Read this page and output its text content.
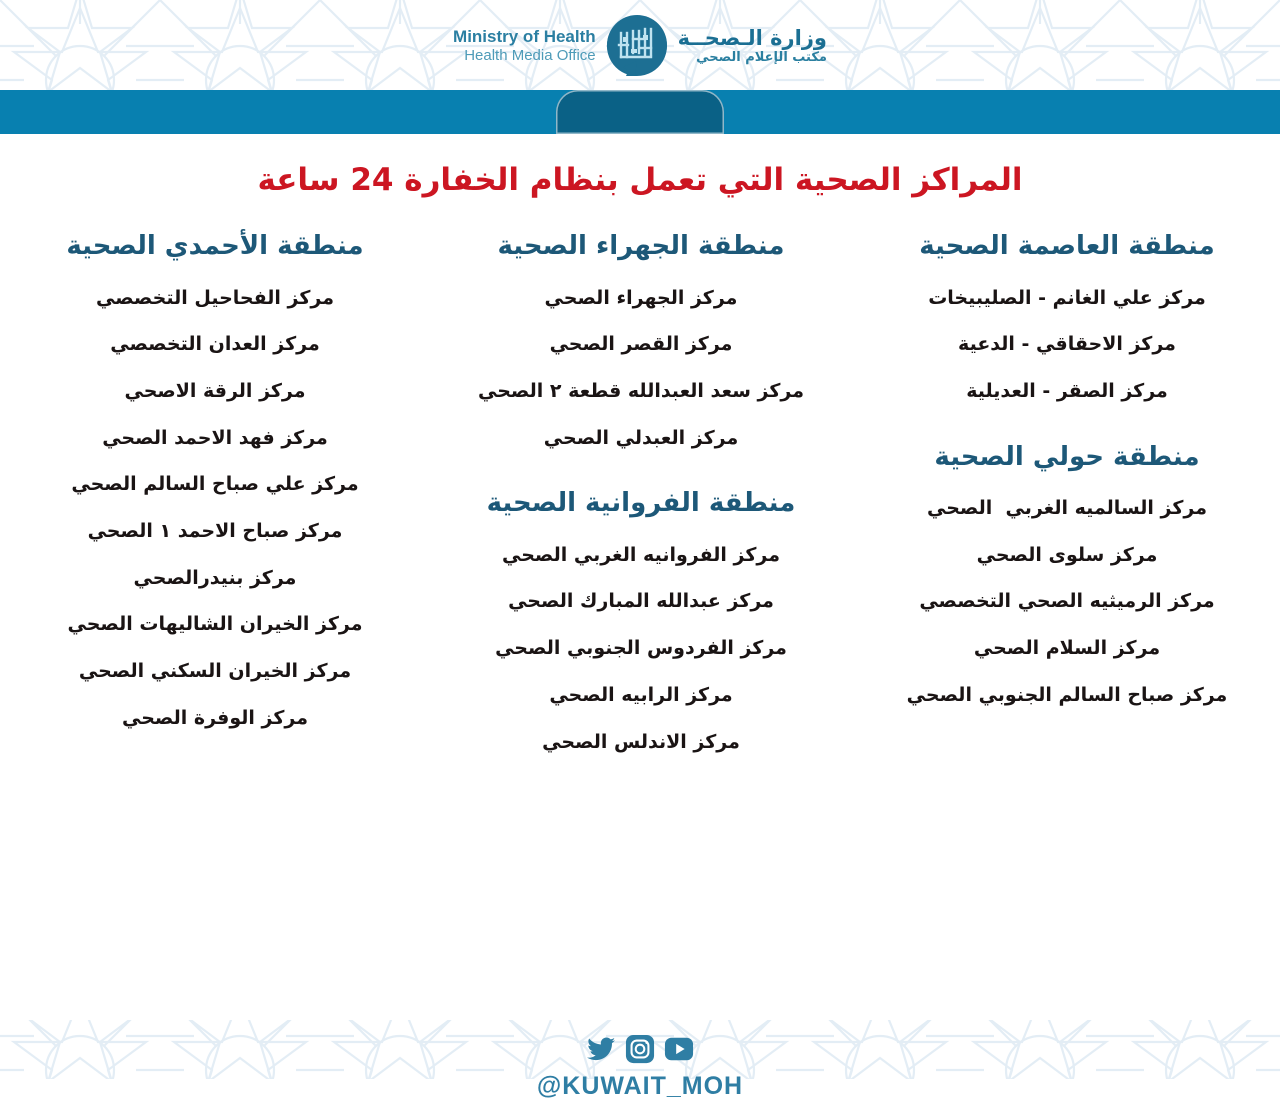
وزارة الـصحــة
مكتب الإعلام الصحي
Ministry of Health
Health Media Office
المراكز الصحية التي تعمل بنظام الخفارة 24 ساعة
منطقة العاصمة الصحية
مركز علي الغانم - الصليبيخات
مركز الاحقاقي - الدعية
مركز الصقر - العديلية
منطقة حولي الصحية
مركز السالميه الغربي  الصحي
مركز سلوى الصحي
مركز الرميثيه الصحي التخصصي
مركز السلام الصحي
مركز صباح السالم الجنوبي الصحي
منطقة الجهراء الصحية
مركز الجهراء الصحي
مركز القصر الصحي
مركز سعد العبدالله قطعة ٢ الصحي
مركز العبدلي الصحي
منطقة الفروانية الصحية
مركز الفروانيه الغربي الصحي
مركز عبدالله المبارك الصحي
مركز الفردوس الجنوبي الصحي
مركز الرابيه الصحي
مركز الاندلس الصحي
منطقة الأحمدي الصحية
مركز الفحاحيل التخصصي
مركز العدان التخصصي
مركز الرقة الاصحي
مركز فهد الاحمد الصحي
مركز علي صباح السالم الصحي
مركز صباح الاحمد ١ الصحي
مركز بنيدرالصحي
مركز الخيران الشاليهات الصحي
مركز الخيران السكني الصحي
مركز الوفرة الصحي
@KUWAIT_MOH
